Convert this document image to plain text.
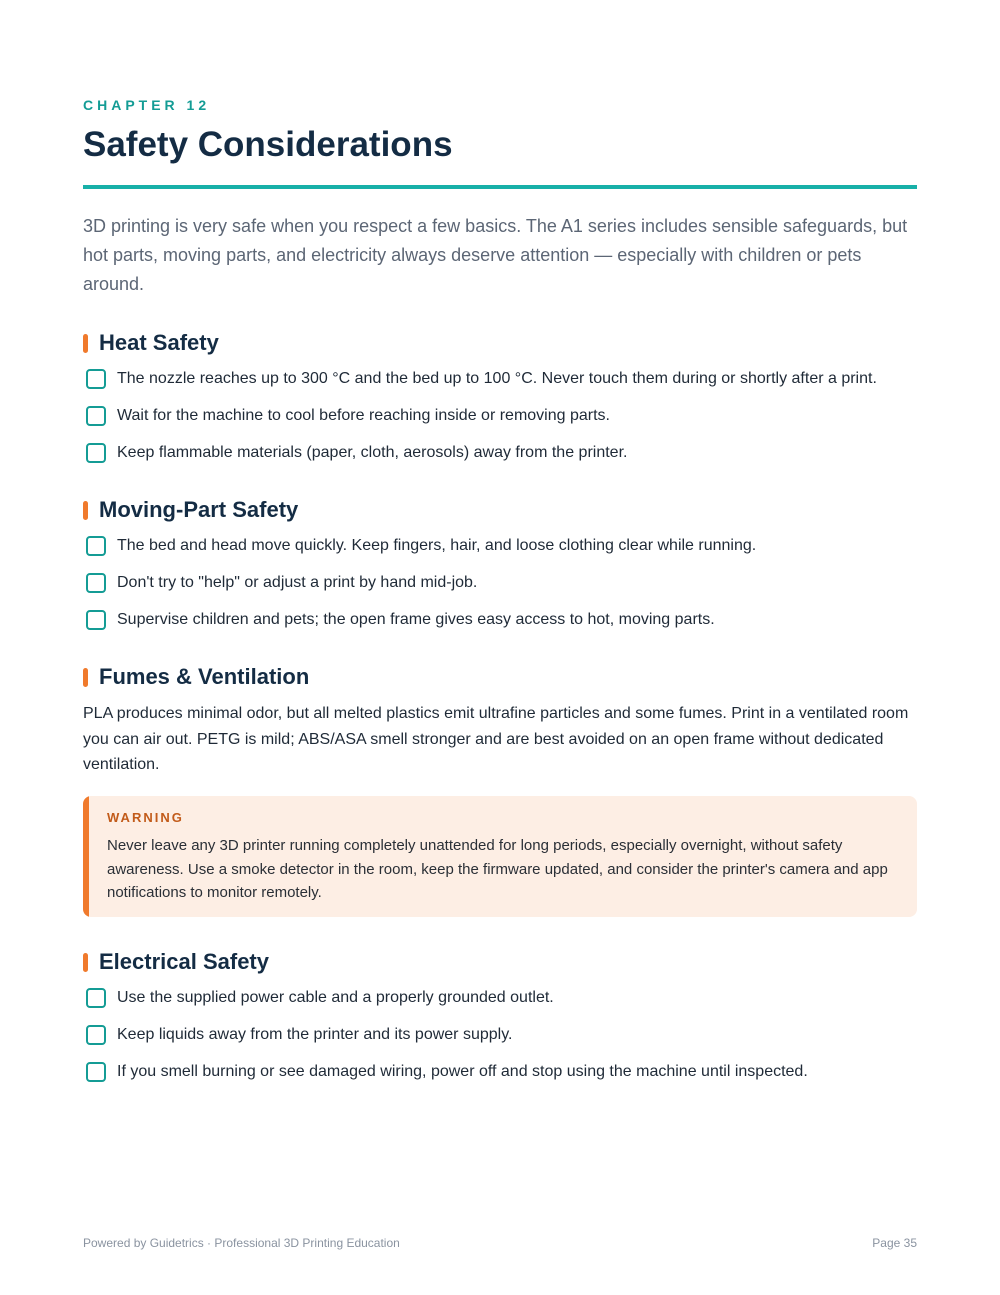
CHAPTER 12
Safety Considerations

3D printing is very safe when you respect a few basics. The A1 series includes sensible safeguards, but hot parts, moving parts, and electricity always deserve attention — especially with children or pets around.

Heat Safety
The nozzle reaches up to 300 °C and the bed up to 100 °C. Never touch them during or shortly after a print.
Wait for the machine to cool before reaching inside or removing parts.
Keep flammable materials (paper, cloth, aerosols) away from the printer.
Moving-Part Safety
The bed and head move quickly. Keep fingers, hair, and loose clothing clear while running.
Don't try to "help" or adjust a print by hand mid-job.
Supervise children and pets; the open frame gives easy access to hot, moving parts.
Fumes & Ventilation

PLA produces minimal odor, but all melted plastics emit ultrafine particles and some fumes. Print in a ventilated room you can air out. PETG is mild; ABS/ASA smell stronger and are best avoided on an open frame without dedicated ventilation.

WARNING

Never leave any 3D printer running completely unattended for long periods, especially overnight, without safety awareness. Use a smoke detector in the room, keep the firmware updated, and consider the printer's camera and app notifications to monitor remotely.

Electrical Safety
Use the supplied power cable and a properly grounded outlet.
Keep liquids away from the printer and its power supply.
If you smell burning or see damaged wiring, power off and stop using the machine until inspected.
Powered by Guidetrics · Professional 3D Printing Education	Page 35
